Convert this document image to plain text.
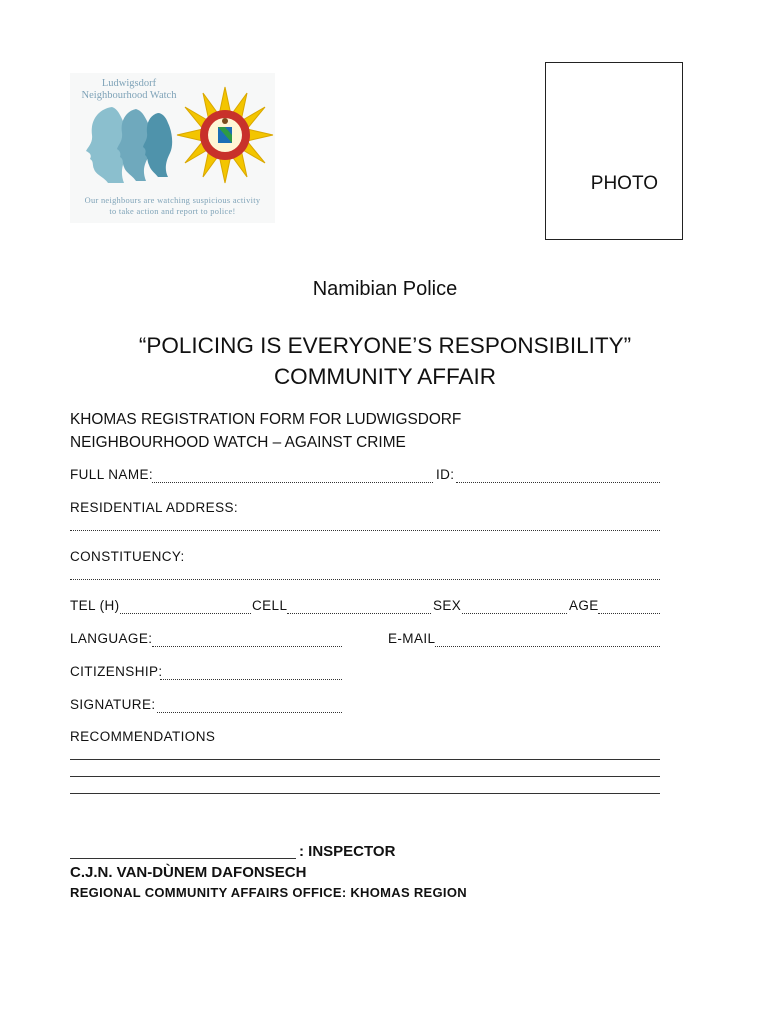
Ludwigsdorf
Neighbourhood Watch
Our neighbours are watching suspicious activity
to take action and report to police!
PHOTO
Namibian Police
“POLICING IS EVERYONE’S RESPONSIBILITY”
COMMUNITY AFFAIR
KHOMAS REGISTRATION FORM FOR LUDWIGSDORF
NEIGHBOURHOOD WATCH – AGAINST CRIME
FULL NAME:	ID:
RESIDENTIAL ADDRESS:
CONSTITUENCY:
TEL (H)	CELL	SEX	AGE
LANGUAGE:	E-MAIL
CITIZENSHIP:
SIGNATURE:
RECOMMENDATIONS
: INSPECTOR
C.J.N. VAN-DÙNEM DAFONSECH
REGIONAL COMMUNITY AFFAIRS OFFICE: KHOMAS REGION
